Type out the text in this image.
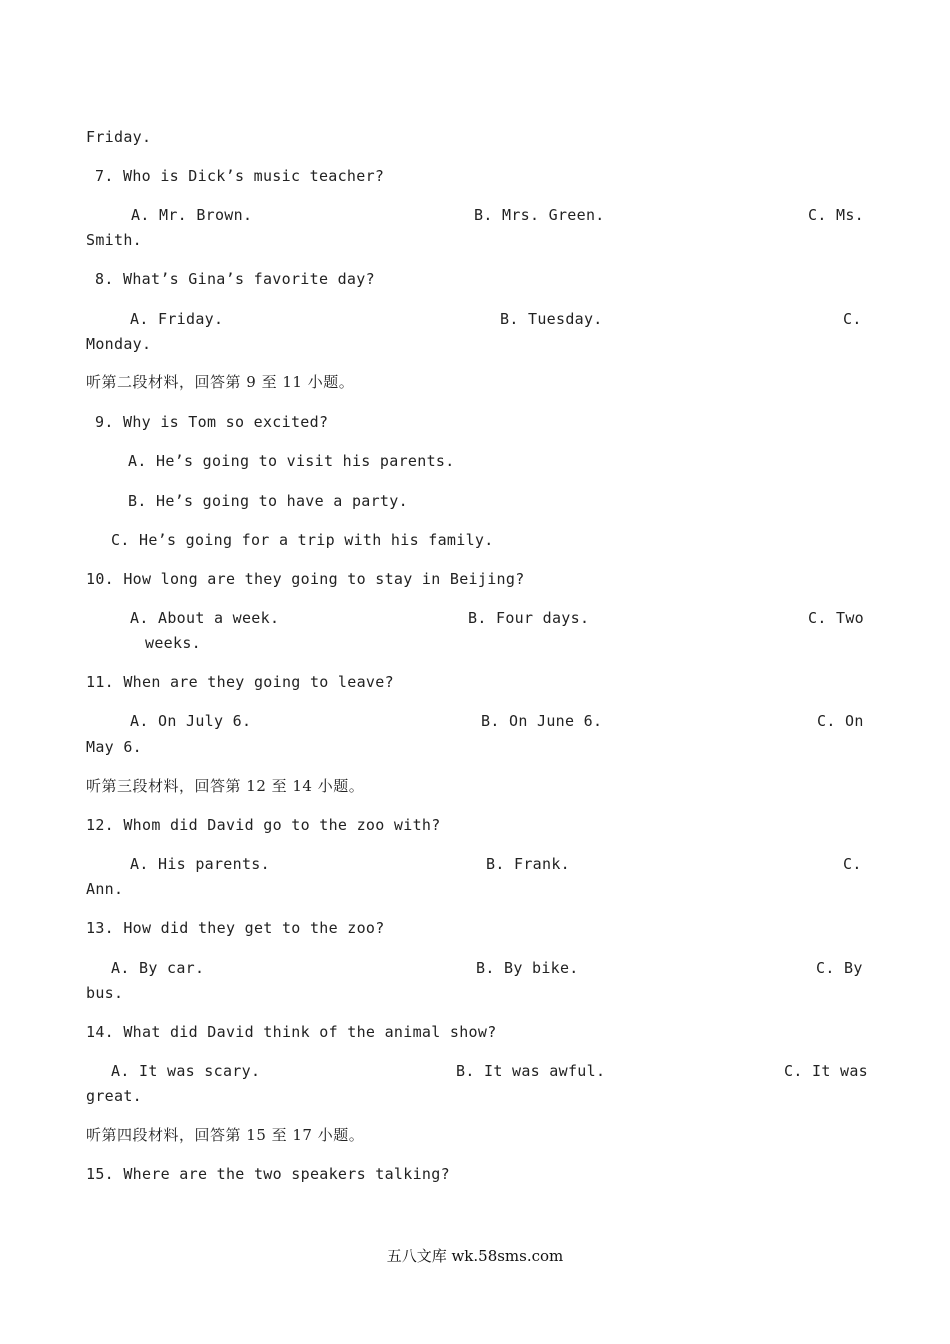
Friday.
7. Who is Dick’s music teacher?
A. Mr. Brown.	B. Mrs. Green.	C. Ms.
Smith.
8. What’s Gina’s favorite day?
A. Friday.	B. Tuesday.	C.
Monday.
听第二段材料，回答第 9 至 11 小题。
9. Why is Tom so excited?
A. He’s going to visit his parents.
B. He’s going to have a party.
C. He’s going for a trip with his family.
10. How long are they going to stay in Beijing?
A. About a week.	B. Four days.	C. Two
weeks.
11. When are they going to leave?
A. On July 6.	B. On June 6.	C. On
May 6.
听第三段材料，回答第 12 至 14 小题。
12. Whom did David go to the zoo with?
A. His parents.	B. Frank.	C.
Ann.
13. How did they get to the zoo?
A. By car.	B. By bike.	C. By
bus.
14. What did David think of the animal show?
A. It was scary.	B. It was awful.	C. It was
great.
听第四段材料，回答第 15 至 17 小题。
15. Where are the two speakers talking?
五八文库 wk.58sms.com
